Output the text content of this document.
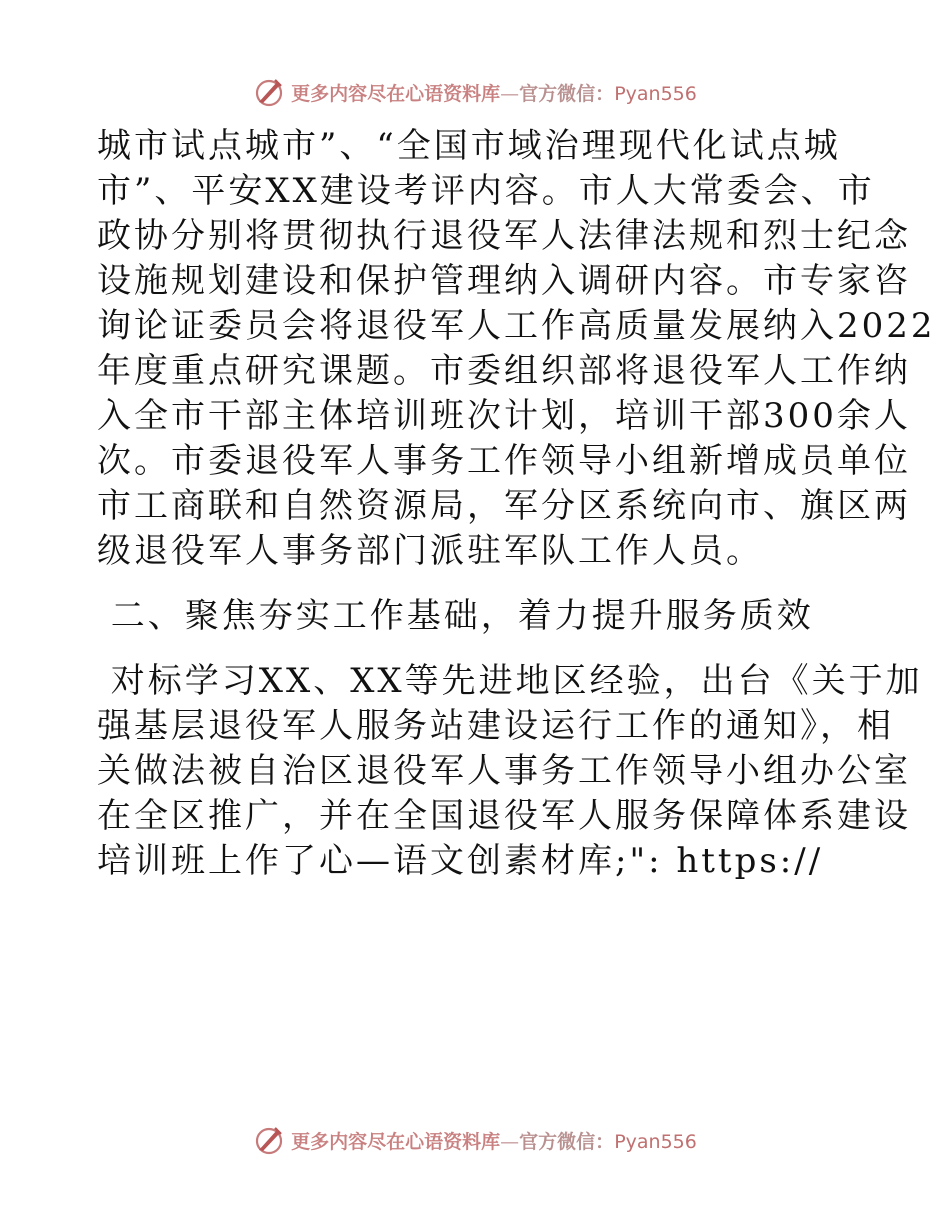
更多内容尽在心语资料库—官方微信：Pyan556
城市试点城市”、“全国市域治理现代化试点城
市”、平安XX建设考评内容。市人大常委会、市
政协分别将贯彻执行退役军人法律法规和烈士纪念
设施规划建设和保护管理纳入调研内容。市专家咨
询论证委员会将退役军人工作高质量发展纳入2022
年度重点研究课题。市委组织部将退役军人工作纳
入全市干部主体培训班次计划，培训干部300余人
次。市委退役军人事务工作领导小组新增成员单位
市工商联和自然资源局，军分区系统向市、旗区两
级退役军人事务部门派驻军队工作人员。
二、聚焦夯实工作基础，着力提升服务质效
对标学习XX、XX等先进地区经验，出台《关于加
强基层退役军人服务站建设运行工作的通知》，相
关做法被自治区退役军人事务工作领导小组办公室
在全区推广，并在全国退役军人服务保障体系建设
培训班上作了心—语文创素材库;": https://
更多内容尽在心语资料库—官方微信：Pyan556
